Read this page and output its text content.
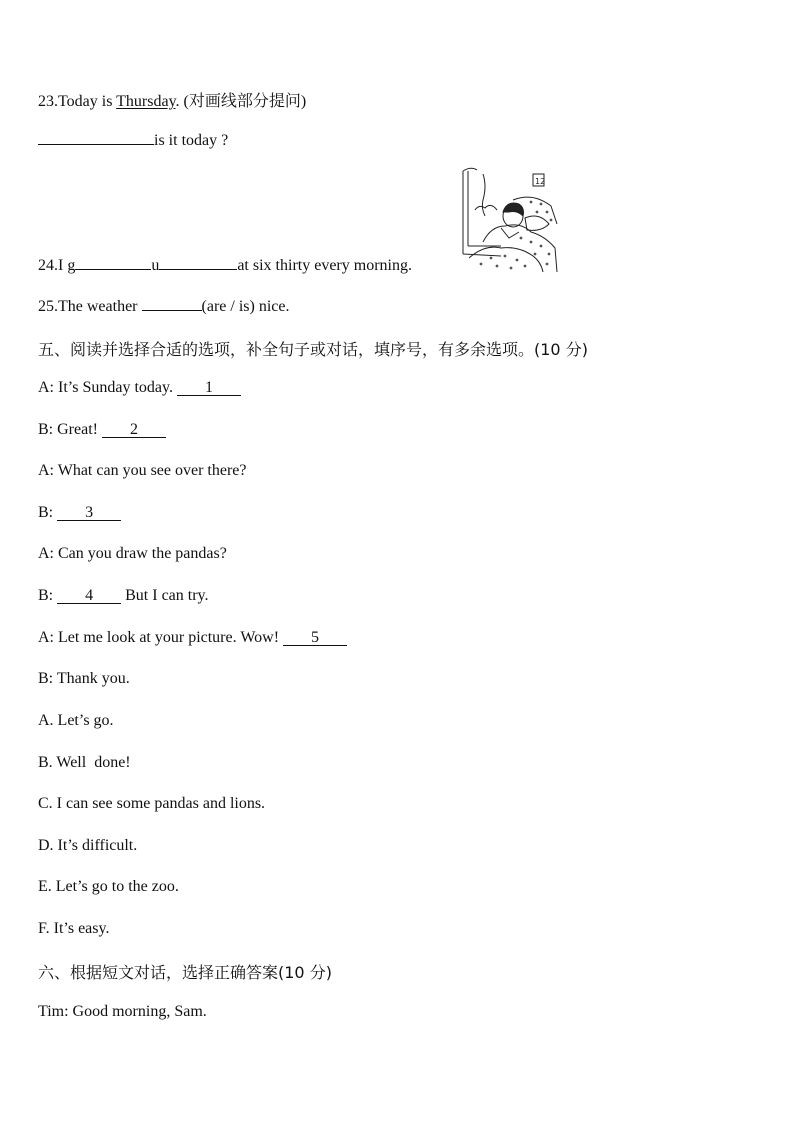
23.Today is Thursday. (对画线部分提问)
is it today ?
12
24.I g	u	at six thirty every morning.
25.The weather	(are / is) nice.
五、阅读并选择合适的选项，补全句子或对话，填序号，有多余选项。(10 分)
A: It’s Sunday today. 1
B: Great! 2
A: What can you see over there?
B: 3
A: Can you draw the pandas?
B: 4 But I can try.
A: Let me look at your picture. Wow! 5
B: Thank you.
A. Let’s go.
B. Well  done!
C. I can see some pandas and lions.
D. It’s difficult.
E. Let’s go to the zoo.
F. It’s easy.
六、根据短文对话，选择正确答案(10 分)
Tim: Good morning, Sam.
